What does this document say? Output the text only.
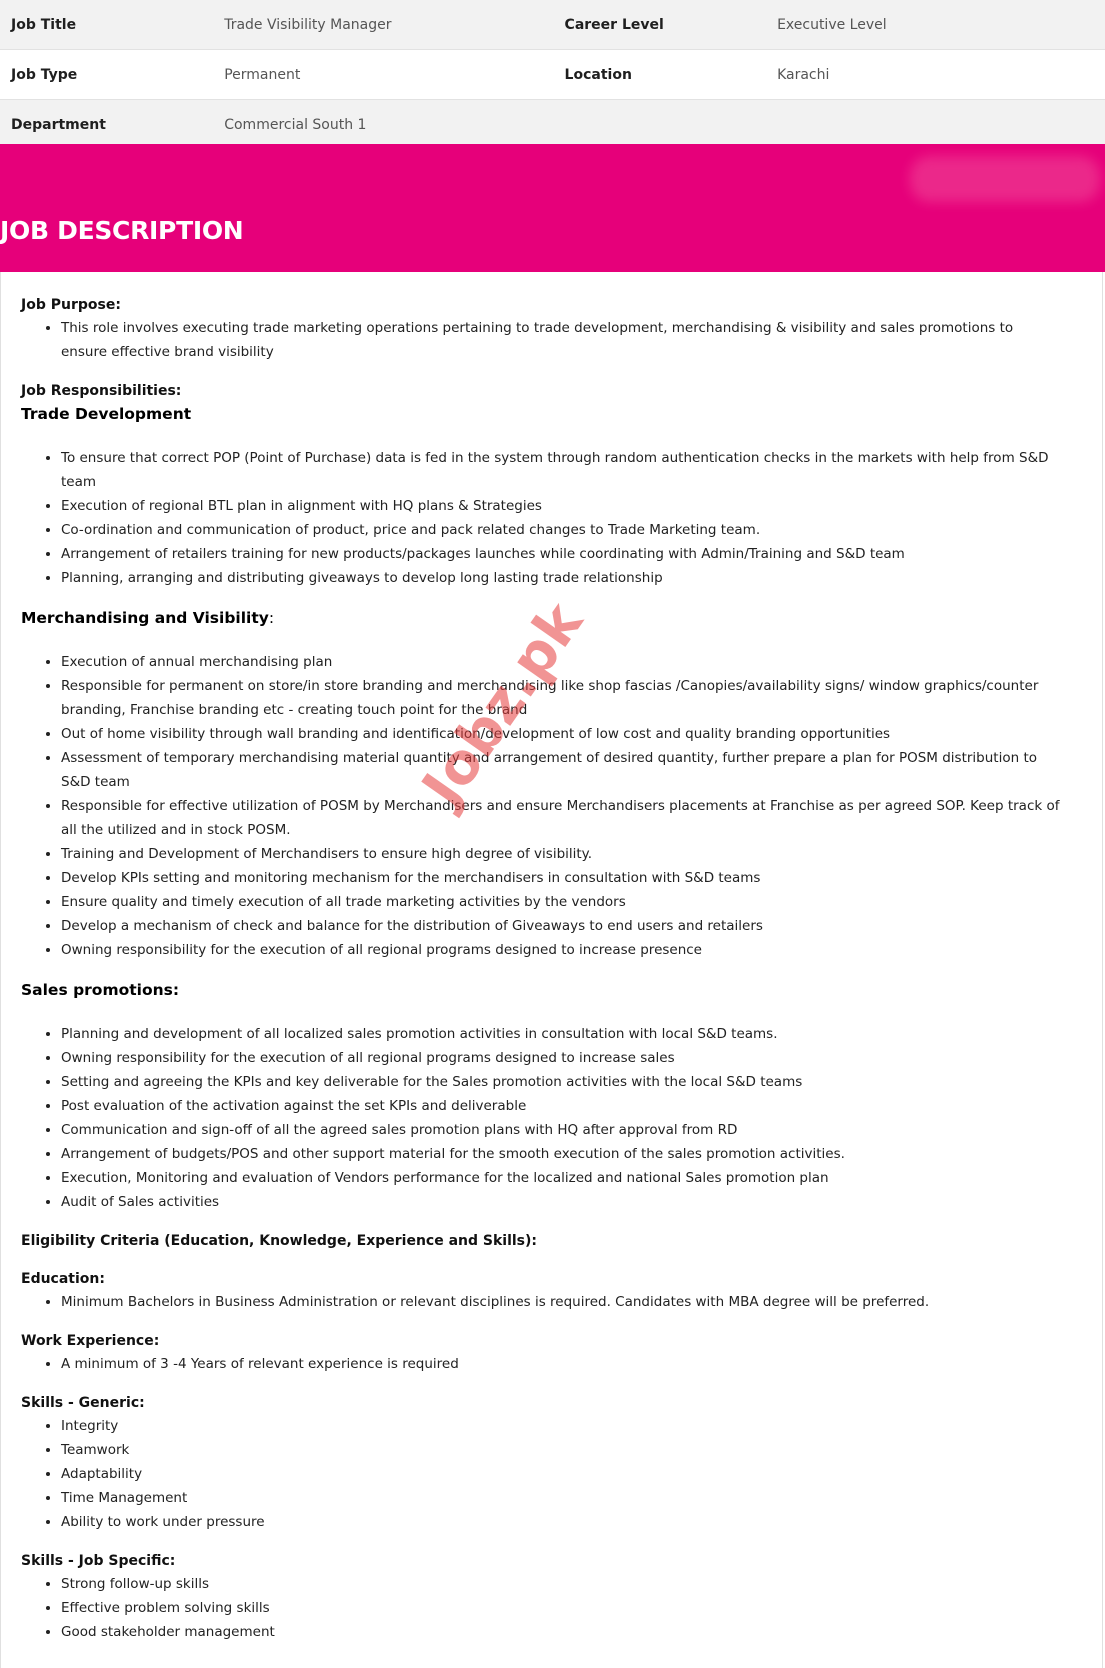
Job Title	Trade Visibility Manager	Career Level	Executive Level
Job Type	Permanent	Location	Karachi
Department	Commercial South 1		
JOB DESCRIPTION

Job Purpose:

• This role involves executing trade marketing operations pertaining to trade development, merchandising & visibility and sales promotions to ensure effective brand visibility

Job Responsibilities:

Trade Development

• To ensure that correct POP (Point of Purchase) data is fed in the system through random authentication checks in the markets with help from S&D team
• Execution of regional BTL plan in alignment with HQ plans & Strategies
• Co-ordination and communication of product, price and pack related changes to Trade Marketing team.
• Arrangement of retailers training for new products/packages launches while coordinating with Admin/Training and S&D team
• Planning, arranging and distributing giveaways to develop long lasting trade relationship

Merchandising and Visibility:

• Execution of annual merchandising plan
• Responsible for permanent on store/in store branding and merchandising like shop fascias /Canopies/availability signs/ window graphics/counter branding, Franchise branding etc - creating touch point for the brand
• Out of home visibility through wall branding and identification/development of low cost and quality branding opportunities
• Assessment of temporary merchandising material quantity and arrangement of desired quantity, further prepare a plan for POSM distribution to S&D team
• Responsible for effective utilization of POSM by Merchandisers and ensure Merchandisers placements at Franchise as per agreed SOP. Keep track of all the utilized and in stock POSM.
• Training and Development of Merchandisers to ensure high degree of visibility.
• Develop KPIs setting and monitoring mechanism for the merchandisers in consultation with S&D teams
• Ensure quality and timely execution of all trade marketing activities by the vendors
• Develop a mechanism of check and balance for the distribution of Giveaways to end users and retailers
• Owning responsibility for the execution of all regional programs designed to increase presence

Sales promotions:

• Planning and development of all localized sales promotion activities in consultation with local S&D teams.
• Owning responsibility for the execution of all regional programs designed to increase sales
• Setting and agreeing the KPIs and key deliverable for the Sales promotion activities with the local S&D teams
• Post evaluation of the activation against the set KPIs and deliverable
• Communication and sign-off of all the agreed sales promotion plans with HQ after approval from RD
• Arrangement of budgets/POS and other support material for the smooth execution of the sales promotion activities.
• Execution, Monitoring and evaluation of Vendors performance for the localized and national Sales promotion plan
• Audit of Sales activities

Eligibility Criteria (Education, Knowledge, Experience and Skills):

Education:

• Minimum Bachelors in Business Administration or relevant disciplines is required. Candidates with MBA degree will be preferred.

Work Experience:

• A minimum of 3 -4 Years of relevant experience is required

Skills - Generic:

• Integrity
• Teamwork
• Adaptability
• Time Management
• Ability to work under pressure

Skills - Job Specific:

• Strong follow-up skills
• Effective problem solving skills
• Good stakeholder management
Jobz.pk
